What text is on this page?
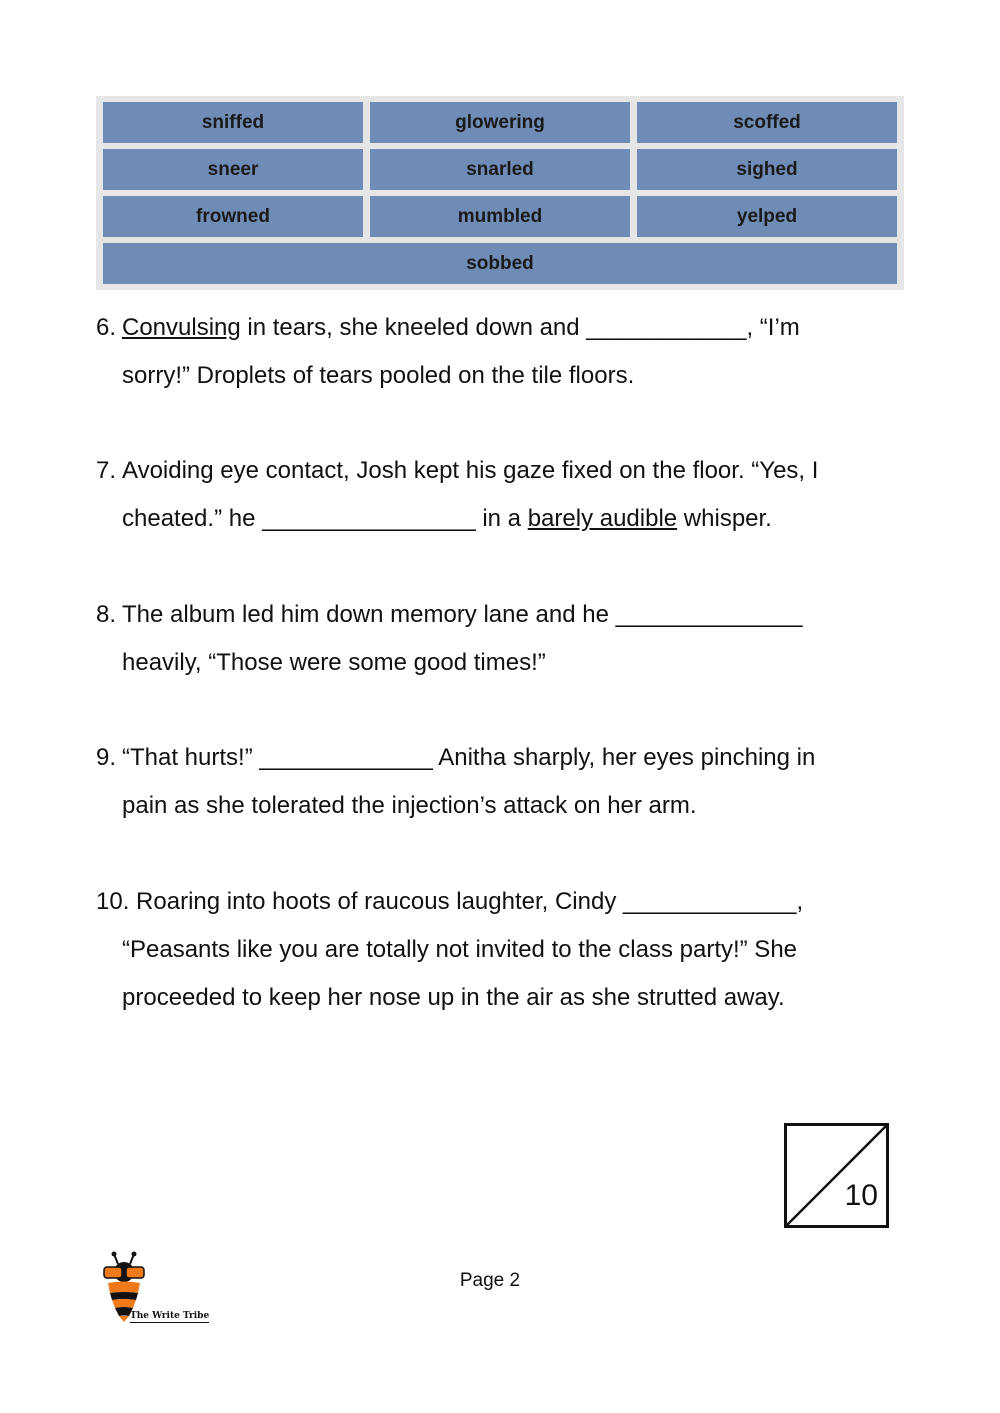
sniffed	glowering	scoffed
sneer	snarled	sighed
frowned	mumbled	yelped
sobbed
6. Convulsing in tears, she kneeled down and ____________, “I’m
sorry!” Droplets of tears pooled on the tile floors.
7. Avoiding eye contact, Josh kept his gaze fixed on the floor. “Yes, I
cheated.” he ________________ in a barely audible whisper.
8. The album led him down memory lane and he ______________
heavily, “Those were some good times!”
9. “That hurts!” _____________ Anitha sharply, her eyes pinching in
pain as she tolerated the injection’s attack on her arm.
10. Roaring into hoots of raucous laughter, Cindy _____________,
“Peasants like you are totally not invited to the class party!” She
proceeded to keep her nose up in the air as she strutted away.
10
The Write Tribe
Page 2
